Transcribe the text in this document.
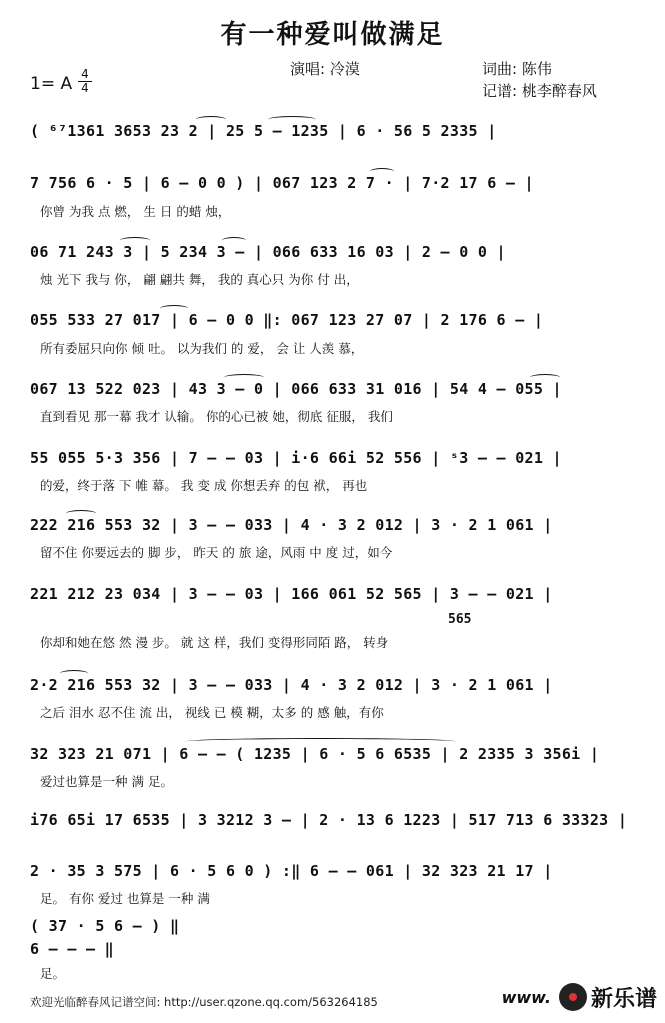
有一种爱叫做满足
演唱: 冷漠	词曲: 陈伟
记谱: 桃李醉春风
1= A 4
4
( ⁶⁷1361 3653 23 2 | 25 5 – 1235 | 6 · 56 5 2335 |
7 756 6 · 5 | 6 – 0 0 ) | 067 123 2 7 · | 7·2 17 6 – |
你曾 为我 点 燃， 生 日 的蜡 烛，
06 71 243 3 | 5 234 3 – | 066 633 16 03 | 2 – 0 0 |
烛 光下 我与 你， 翩 翩共 舞， 我的 真心只 为你 付 出，
055 533 27 017 | 6 – 0 0 ‖: 067 123 27 07 | 2 176 6 – |
所有委屈只向你 倾 吐。 以为我们 的 爱， 会 让 人羡 慕，
067 13 522 023 | 43 3 – 0 | 066 633 31 016 | 54 4 – 055 |
直到看见 那一幕 我才 认输。 你的心已被 她，彻底 征服， 我们
55 055 5·3 356 | 7 – – 03 | i·6 66i 52 556 | ˢ3 – – 021 |
的爱，终于落 下 帷 幕。 我 变 成 你想丢弃 的包 袱， 再也
222 216 553 32 | 3 – – 033 | 4 · 3 2 012 | 3 · 2 1 061 |
留不住 你要远去的 脚 步， 昨天 的 旅 途，风雨 中 度 过，如今
221 212 23 034 | 3 – – 03 | 166 061 52 565 | 3 – – 021 |
565
你却和她在悠 然 漫 步。 就 这 样，我们 变得形同陌 路， 转身
2·2 216 553 32 | 3 – – 033 | 4 · 3 2 012 | 3 · 2 1 061 |
之后 泪水 忍不住 流 出， 视线 已 模 糊，太多 的 感 触，有你
32 323 21 071 | 6 – – ( 1235 | 6 · 5 6 6535 | 2 2335 3 356i |
爱过也算是一种 满 足。
i76 65i 17 6535 | 3 3212 3 – | 2 · 13 6 1223 | 517 713 6 33323 |
2 · 35 3 575 | 6 · 5 6 0 ) :‖ 6 – – 061 | 32 323 21 17 |
足。 有你 爱过 也算是 一种 满
( 37 · 5 6 – ) ‖
6 – – – ‖
足。
欢迎光临醉春风记谱空间: http://user.qzone.qq.com/563264185	www. 新乐谱
